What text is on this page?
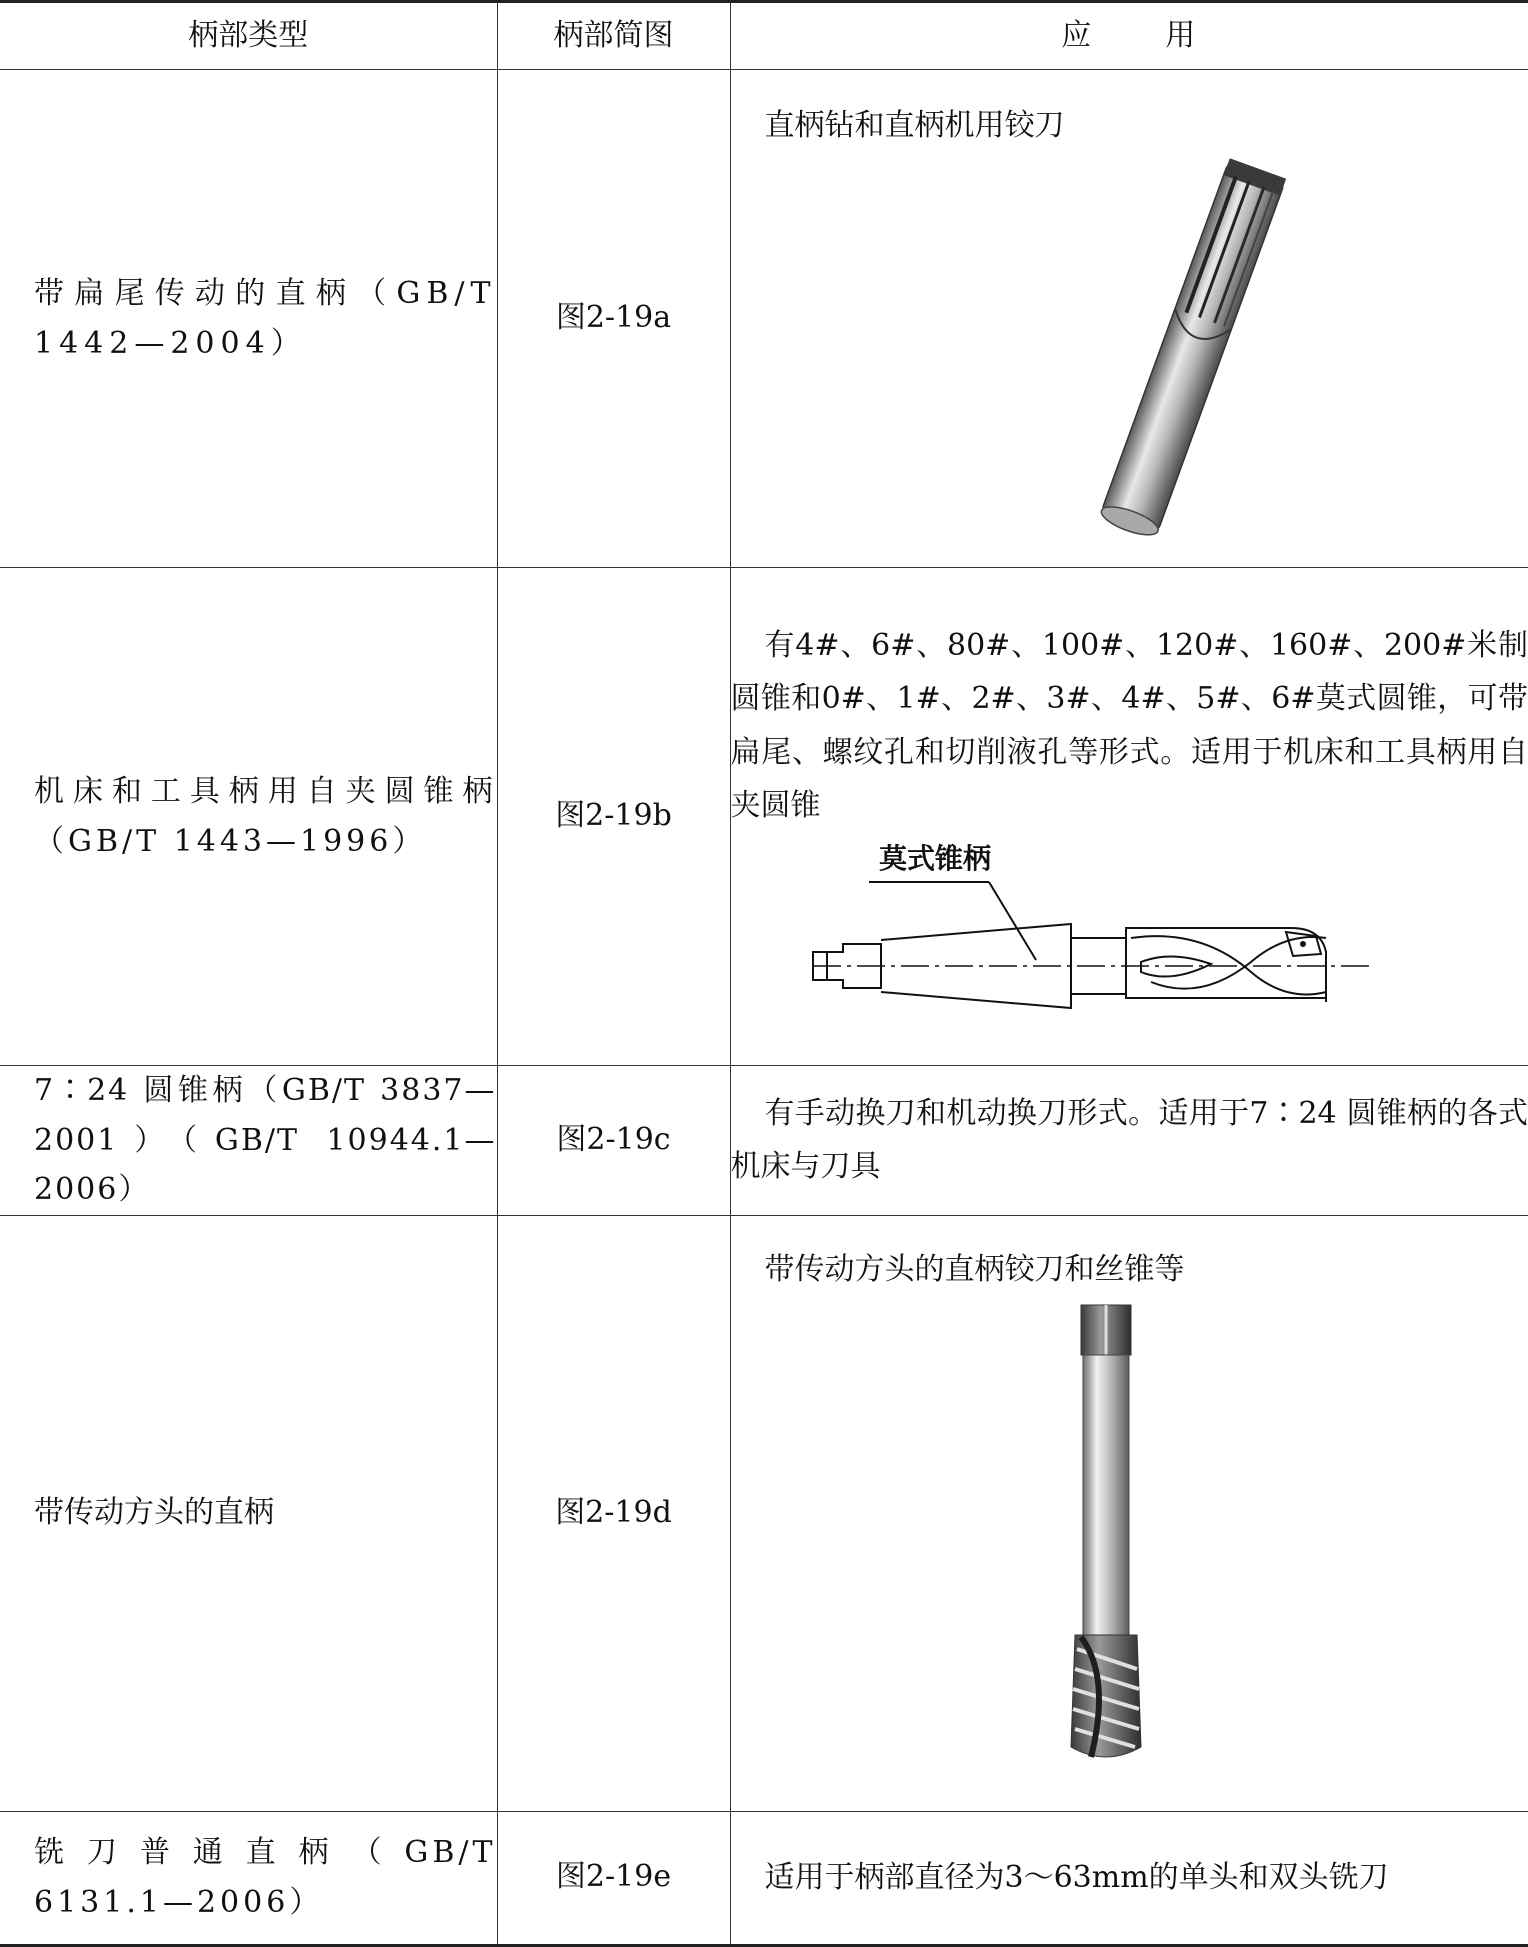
柄部类型	柄部简图	应 用

带扁尾传动的直柄（GB/T 1442—2004）	图2-19a	直柄钻和直柄机用铰刀

机床和工具柄用自夹圆锥柄（GB/T 1443—1996）	图2-19b	有4#、6#、80#、100#、120#、160#、200#米制圆锥和0#、1#、2#、3#、4#、5#、6#莫式圆锥，可带扁尾、螺纹孔和切削液孔等形式。适用于机床和工具柄用自夹圆锥
莫式锥柄

7∶24 圆锥柄（GB/T 3837—2001）（GB/T 10944.1—2006）	图2-19c	有手动换刀和机动换刀形式。适用于7∶24 圆锥柄的各式机床与刀具

带传动方头的直柄	图2-19d	带传动方头的直柄铰刀和丝锥等

铣刀普通直柄（GB/T 6131.1—2006）	图2-19e	适用于柄部直径为3～63mm的单头和双头铣刀
